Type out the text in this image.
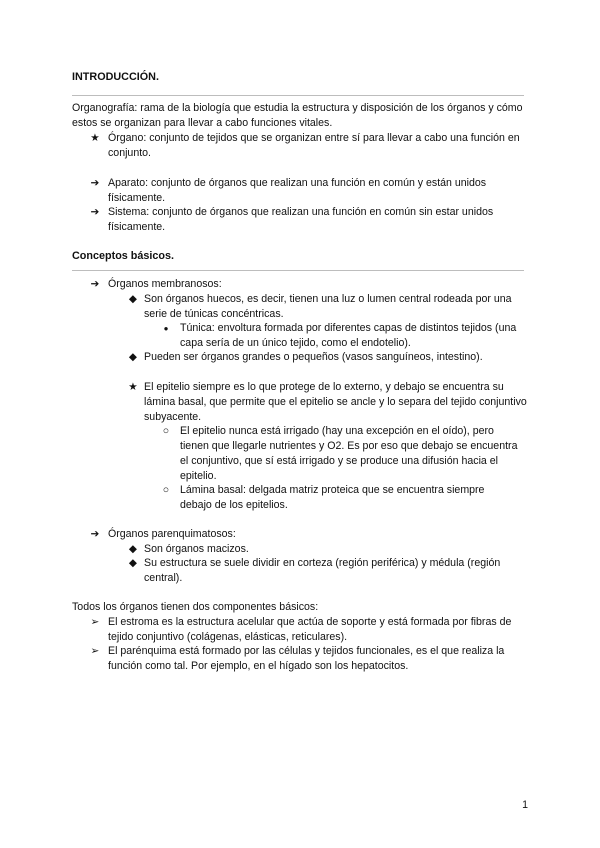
INTRODUCCIÓN.
Organografía: rama de la biología que estudia la estructura y disposición de los órganos y cómo estos se organizan para llevar a cabo funciones vitales.
★ Órgano: conjunto de tejidos que se organizan entre sí para llevar a cabo una función en conjunto.
➔ Aparato: conjunto de órganos que realizan una función en común y están unidos físicamente.
➔ Sistema: conjunto de órganos que realizan una función en común sin estar unidos físicamente.
Conceptos básicos.
➔ Órganos membranosos:
◆ Son órganos huecos, es decir, tienen una luz o lumen central rodeada por una serie de túnicas concéntricas.
●	Túnica: envoltura formada por diferentes capas de distintos tejidos (una capa sería de un único tejido, como el endotelio).
◆ Pueden ser órganos grandes o pequeños (vasos sanguíneos, intestino).
★ El epitelio siempre es lo que protege de lo externo, y debajo se encuentra su lámina basal, que permite que el epitelio se ancle y lo separa del tejido conjuntivo subyacente.
○ El epitelio nunca está irrigado (hay una excepción en el oído), pero tienen que llegarle nutrientes y O2. Es por eso que debajo se encuentra el conjuntivo, que sí está irrigado y se produce una difusión hacia el epitelio.
○ Lámina basal: delgada matriz proteica que se encuentra siempre debajo de los epitelios.
➔ Órganos parenquimatosos:
◆ Son órganos macizos.
◆ Su estructura se suele dividir en corteza (región periférica) y médula (región central).
Todos los órganos tienen dos componentes básicos:
➢ El estroma es la estructura acelular que actúa de soporte y está formada por fibras de tejido conjuntivo (colágenas, elásticas, reticulares).
➢ El parénquima está formado por las células y tejidos funcionales, es el que realiza la función como tal. Por ejemplo, en el hígado son los hepatocitos.
1
